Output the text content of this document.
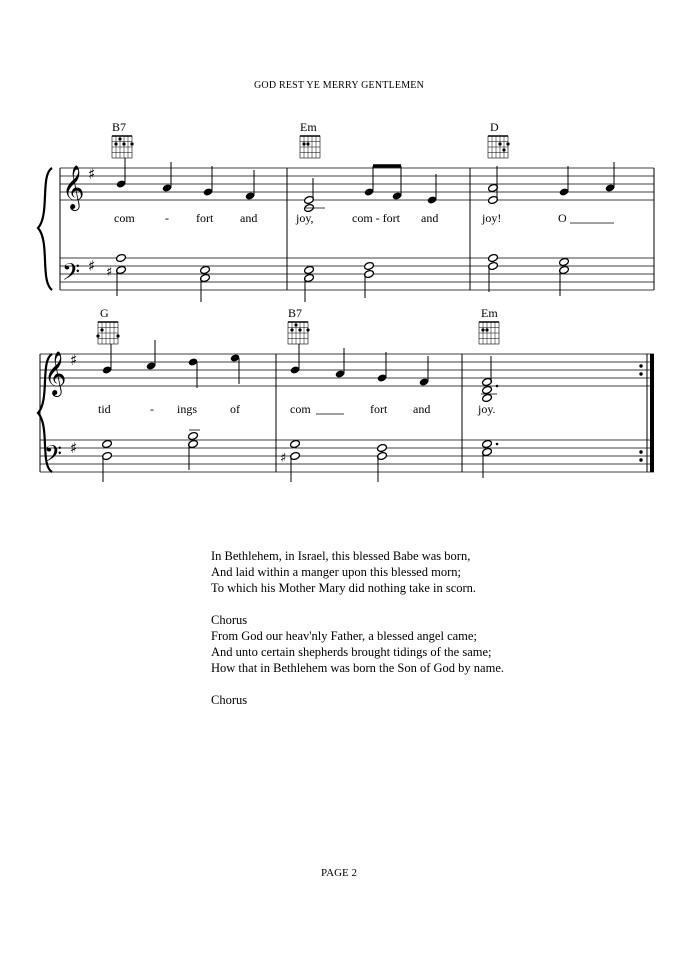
GOD REST YE MERRY GENTLEMEN
B7	Em	D
𝄞
𝄢
♯
♯ ♯
com	- fort and	joy,	com - fort and	joy!	O
G	B7	Em
𝄞
𝄢
♯
♯
♯
tid	- ings	of	com	fort and	joy.

In Bethlehem, in Israel, this blessed Babe was born,

And laid within a manger upon this blessed morn;

To which his Mother Mary did nothing take in scorn.

Chorus

From God our heav'nly Father, a blessed angel came;

And unto certain shepherds brought tidings of the same;

How that in Bethlehem was born the Son of God by name.

Chorus

PAGE 2
